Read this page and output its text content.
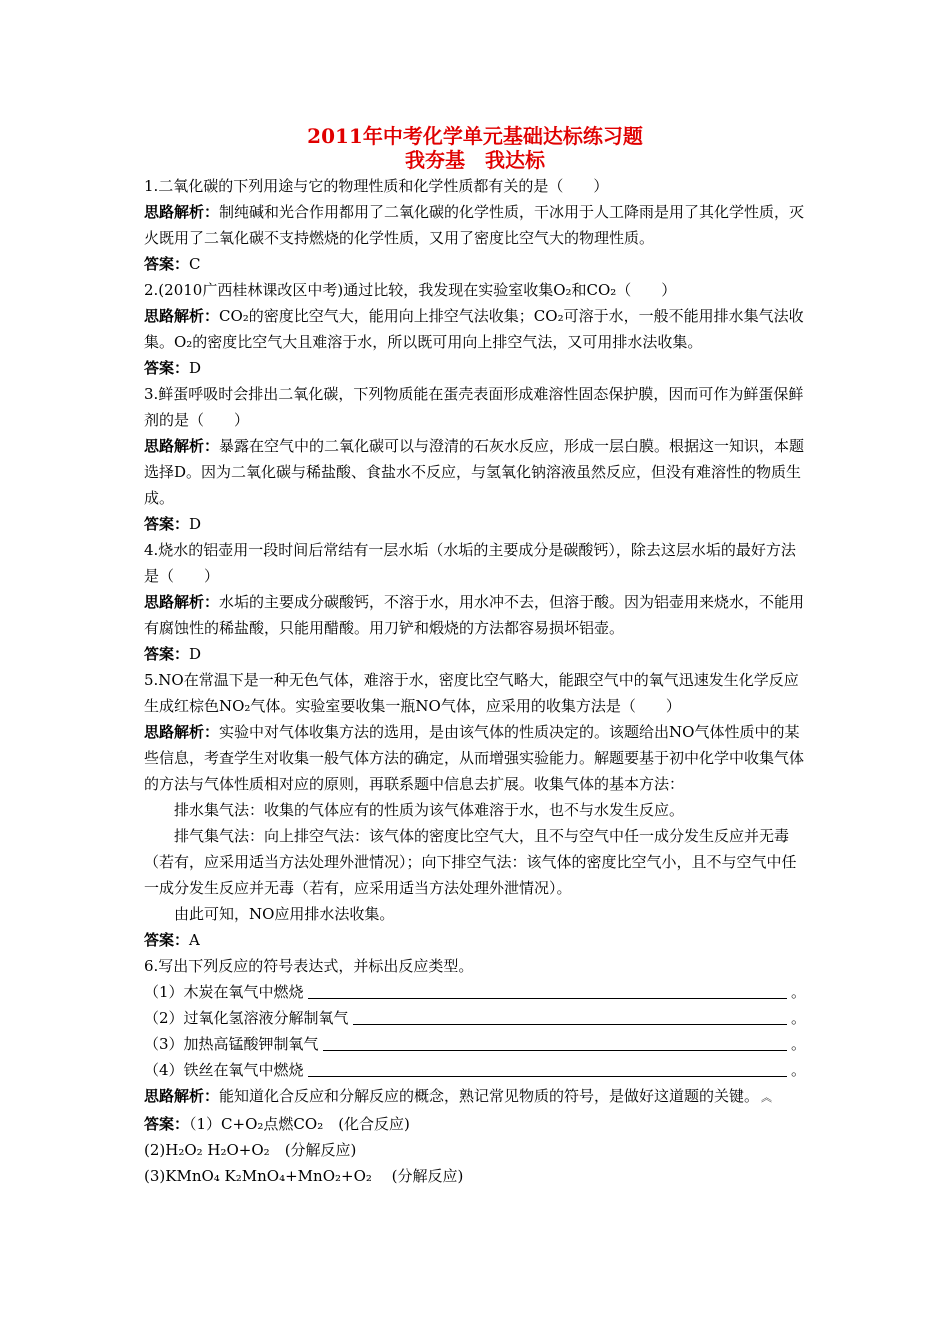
2011年中考化学单元基础达标练习题
我夯基　我达标

1.二氧化碳的下列用途与它的物理性质和化学性质都有关的是（　　）

思路解析：制纯碱和光合作用都用了二氧化碳的化学性质，干冰用于人工降雨是用了其化学性质，灭火既用了二氧化碳不支持燃烧的化学性质，又用了密度比空气大的物理性质。

答案：C

2.(2010广西桂林课改区中考)通过比较，我发现在实验室收集O₂和CO₂（　　）

思路解析：CO₂的密度比空气大，能用向上排空气法收集；CO₂可溶于水，一般不能用排水集气法收集。O₂的密度比空气大且难溶于水，所以既可用向上排空气法，又可用排水法收集。

答案：D

3.鲜蛋呼吸时会排出二氧化碳，下列物质能在蛋壳表面形成难溶性固态保护膜，因而可作为鲜蛋保鲜剂的是（　　）

思路解析：暴露在空气中的二氧化碳可以与澄清的石灰水反应，形成一层白膜。根据这一知识，本题选择D。因为二氧化碳与稀盐酸、食盐水不反应，与氢氧化钠溶液虽然反应，但没有难溶性的物质生成。

答案：D

4.烧水的铝壶用一段时间后常结有一层水垢（水垢的主要成分是碳酸钙），除去这层水垢的最好方法是（　　）

思路解析：水垢的主要成分碳酸钙，不溶于水，用水冲不去，但溶于酸。因为铝壶用来烧水，不能用有腐蚀性的稀盐酸，只能用醋酸。用刀铲和煅烧的方法都容易损坏铝壶。

答案：D

5.NO在常温下是一种无色气体，难溶于水，密度比空气略大，能跟空气中的氧气迅速发生化学反应生成红棕色NO₂气体。实验室要收集一瓶NO气体，应采用的收集方法是（　　）

思路解析：实验中对气体收集方法的选用，是由该气体的性质决定的。该题给出NO气体性质中的某些信息，考查学生对收集一般气体方法的确定，从而增强实验能力。解题要基于初中化学中收集气体的方法与气体性质相对应的原则，再联系题中信息去扩展。收集气体的基本方法：

排水集气法：收集的气体应有的性质为该气体难溶于水，也不与水发生反应。

排气集气法：向上排空气法：该气体的密度比空气大，且不与空气中任一成分发生反应并无毒（若有，应采用适当方法处理外泄情况）；向下排空气法：该气体的密度比空气小，且不与空气中任一成分发生反应并无毒（若有，应采用适当方法处理外泄情况）。

由此可知，NO应用排水法收集。

答案：A

6.写出下列反应的符号表达式，并标出反应类型。

（1）木炭在氧气中燃烧	。
（2）过氧化氢溶液分解制氧气	。
（3）加热高锰酸钾制氧气	。
（4）铁丝在氧气中燃烧	。

思路解析：能知道化合反应和分解反应的概念，熟记常见物质的符号，是做好这道题的关键。 ︽

答案：（1）C+O₂点燃CO₂　(化合反应)

(2)H₂O₂ H₂O+O₂　(分解反应)

(3)KMnO₄ K₂MnO₄+MnO₂+O₂　 (分解反应)
